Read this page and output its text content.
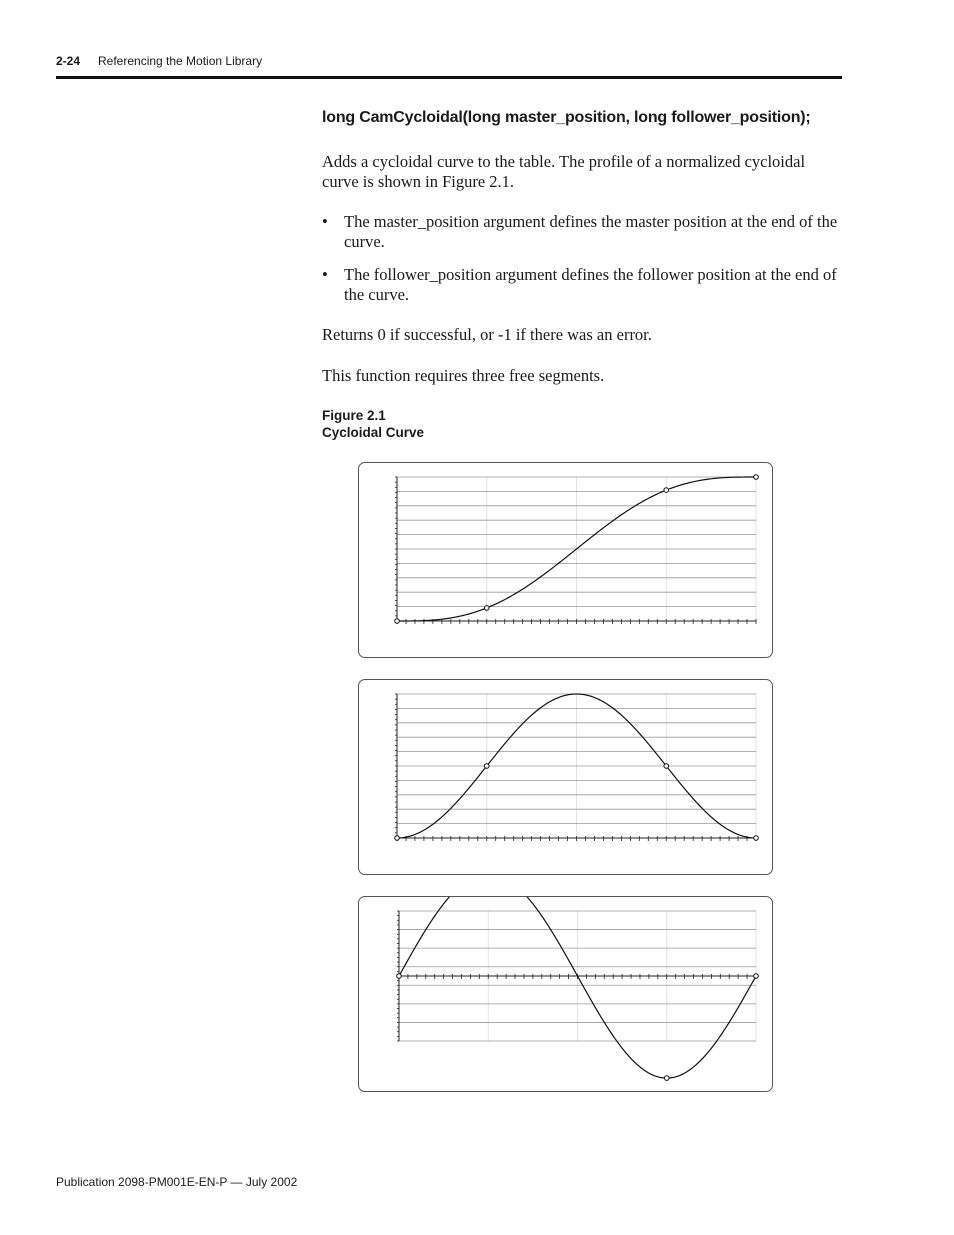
2-24 Referencing the Motion Library
long CamCycloidal(long master_position, long follower_position);

Adds a cycloidal curve to the table. The profile of a normalized cycloidal curve is shown in Figure 2.1.

• The master_position argument defines the master position at the end of the curve.
• The follower_position argument defines the follower position at the end of the curve.

Returns 0 if successful, or -1 if there was an error.

This function requires three free segments.

Figure 2.1
Cycloidal Curve
Publication 2098-PM001E-EN-P — July 2002
